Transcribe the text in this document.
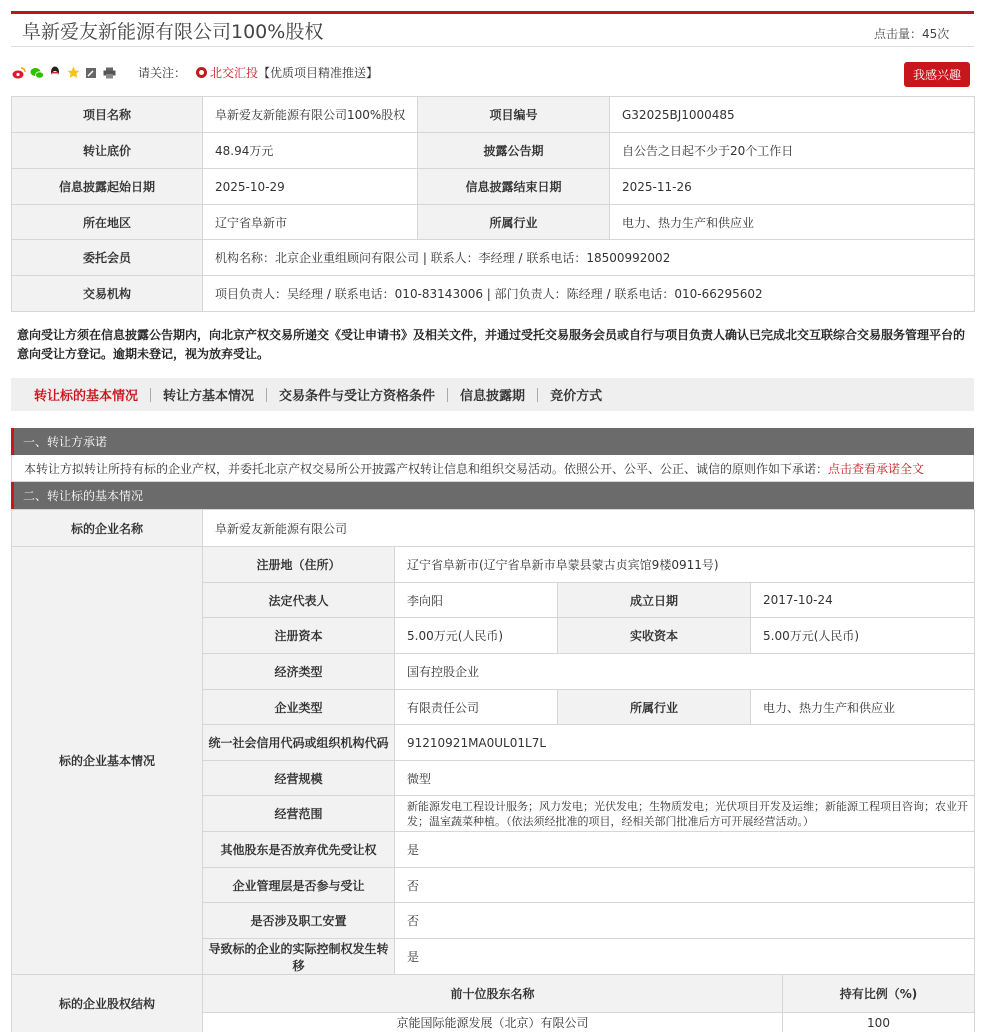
阜新爱友新能源有限公司100%股权	点击量：45次
请关注： 北交汇投 【优质项目精准推送】	我感兴趣
项目名称	阜新爱友新能源有限公司100%股权	项目编号	G32025BJ1000485
转让底价	48.94万元	披露公告期	自公告之日起不少于20个工作日
信息披露起始日期	2025-10-29	信息披露结束日期	2025-11-26
所在地区	辽宁省阜新市	所属行业	电力、热力生产和供应业
委托会员	机构名称：北京企业重组顾问有限公司 | 联系人：李经理 / 联系电话：18500992002		
交易机构	项目负责人：吴经理 / 联系电话：010-83143006 | 部门负责人：陈经理 / 联系电话：010-66295602		
意向受让方须在信息披露公告期内，向北京产权交易所递交《受让申请书》及相关文件，并通过受托交易服务会员或自行与项目负责人确认已完成北交互联综合交易服务管理平台的意向受让方登记。逾期未登记，视为放弃受让。
转让标的基本情况 转让方基本情况 交易条件与受让方资格条件 信息披露期 竞价方式
一、转让方承诺
本转让方拟转让所持有标的企业产权，并委托北京产权交易所公开披露产权转让信息和组织交易活动。依照公开、公平、公正、诚信的原则作如下承诺： 点击查看承诺全文
二、转让标的基本情况
标的企业名称	阜新爱友新能源有限公司			
标的企业基本情况	注册地（住所）	辽宁省阜新市(辽宁省阜新市阜蒙县蒙古贞宾馆9楼0911号)		
	法定代表人	李向阳	成立日期	2017-10-24
	注册资本	5.00万元(人民币)	实收资本	5.00万元(人民币)
	经济类型	国有控股企业		
	企业类型	有限责任公司	所属行业	电力、热力生产和供应业
	统一社会信用代码或组织机构代码	91210921MA0UL01L7L		
	经营规模	微型		
	经营范围	新能源发电工程设计服务；风力发电；光伏发电；生物质发电；光伏项目开发及运维；新能源工程项目咨询；农业开发；温室蔬菜种植。（依法须经批准的项目，经相关部门批准后方可开展经营活动。）		
	其他股东是否放弃优先受让权	是		
	企业管理层是否参与受让	否		
	是否涉及职工安置	否		
	导致标的企业的实际控制权发生转移	是		
标的企业股权结构	前十位股东名称	持有比例（%)
	京能国际能源发展（北京）有限公司	100
